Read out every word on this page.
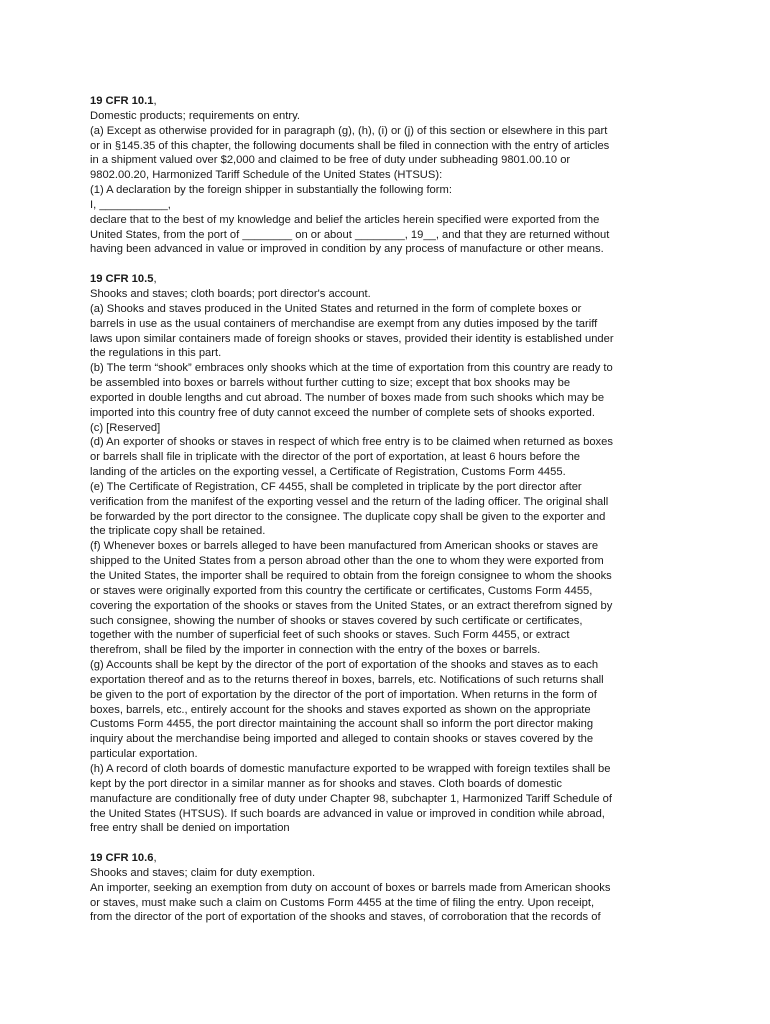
19 CFR 10.1,
Domestic products; requirements on entry.
(a) Except as otherwise provided for in paragraph (g), (h), (i) or (j) of this section or elsewhere in this part
or in §145.35 of this chapter, the following documents shall be filed in connection with the entry of articles
in a shipment valued over $2,000 and claimed to be free of duty under subheading 9801.00.10 or
9802.00.20, Harmonized Tariff Schedule of the United States (HTSUS):
(1) A declaration by the foreign shipper in substantially the following form:
I, ___________,
declare that to the best of my knowledge and belief the articles herein specified were exported from the
United States, from the port of ________ on or about ________, 19__, and that they are returned without
having been advanced in value or improved in condition by any process of manufacture or other means.
19 CFR 10.5,
Shooks and staves; cloth boards; port director's account.
(a) Shooks and staves produced in the United States and returned in the form of complete boxes or
barrels in use as the usual containers of merchandise are exempt from any duties imposed by the tariff
laws upon similar containers made of foreign shooks or staves, provided their identity is established under
the regulations in this part.
(b) The term “shook” embraces only shooks which at the time of exportation from this country are ready to
be assembled into boxes or barrels without further cutting to size; except that box shooks may be
exported in double lengths and cut abroad. The number of boxes made from such shooks which may be
imported into this country free of duty cannot exceed the number of complete sets of shooks exported.
(c) [Reserved]
(d) An exporter of shooks or staves in respect of which free entry is to be claimed when returned as boxes
or barrels shall file in triplicate with the director of the port of exportation, at least 6 hours before the
landing of the articles on the exporting vessel, a Certificate of Registration, Customs Form 4455.
(e) The Certificate of Registration, CF 4455, shall be completed in triplicate by the port director after
verification from the manifest of the exporting vessel and the return of the lading officer. The original shall
be forwarded by the port director to the consignee. The duplicate copy shall be given to the exporter and
the triplicate copy shall be retained.
(f) Whenever boxes or barrels alleged to have been manufactured from American shooks or staves are
shipped to the United States from a person abroad other than the one to whom they were exported from
the United States, the importer shall be required to obtain from the foreign consignee to whom the shooks
or staves were originally exported from this country the certificate or certificates, Customs Form 4455,
covering the exportation of the shooks or staves from the United States, or an extract therefrom signed by
such consignee, showing the number of shooks or staves covered by such certificate or certificates,
together with the number of superficial feet of such shooks or staves. Such Form 4455, or extract
therefrom, shall be filed by the importer in connection with the entry of the boxes or barrels.
(g) Accounts shall be kept by the director of the port of exportation of the shooks and staves as to each
exportation thereof and as to the returns thereof in boxes, barrels, etc. Notifications of such returns shall
be given to the port of exportation by the director of the port of importation. When returns in the form of
boxes, barrels, etc., entirely account for the shooks and staves exported as shown on the appropriate
Customs Form 4455, the port director maintaining the account shall so inform the port director making
inquiry about the merchandise being imported and alleged to contain shooks or staves covered by the
particular exportation.
(h) A record of cloth boards of domestic manufacture exported to be wrapped with foreign textiles shall be
kept by the port director in a similar manner as for shooks and staves. Cloth boards of domestic
manufacture are conditionally free of duty under Chapter 98, subchapter 1, Harmonized Tariff Schedule of
the United States (HTSUS). If such boards are advanced in value or improved in condition while abroad,
free entry shall be denied on importation
19 CFR 10.6,
Shooks and staves; claim for duty exemption.
An importer, seeking an exemption from duty on account of boxes or barrels made from American shooks
or staves, must make such a claim on Customs Form 4455 at the time of filing the entry. Upon receipt,
from the director of the port of exportation of the shooks and staves, of corroboration that the records of
